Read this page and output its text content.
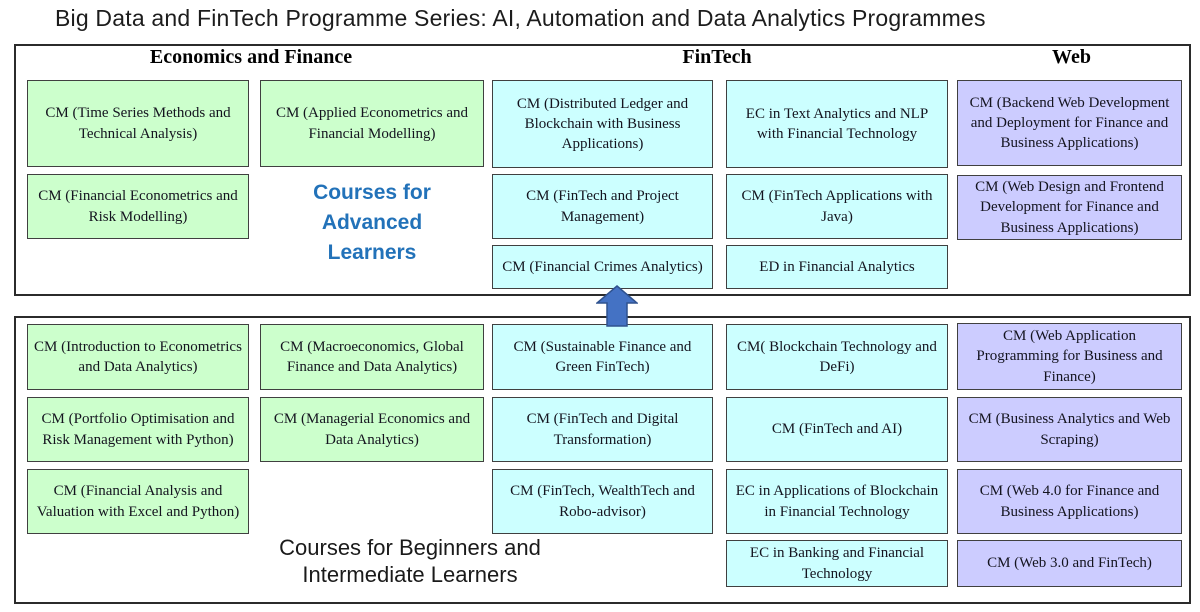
Big Data and FinTech Programme Series: AI, Automation and Data Analytics Programmes
Economics and Finance	FinTech	Web
CM (Time Series Methods and Technical Analysis)
CM (Applied Econometrics and Financial Modelling)
CM (Financial Econometrics and Risk Modelling)
Courses for
Advanced
Learners
CM (Distributed Ledger and Blockchain with Business Applications)
EC in Text Analytics and NLP with Financial Technology
CM (FinTech and Project Management)
CM (FinTech Applications with Java)
CM (Financial Crimes Analytics)	ED in Financial Analytics
CM (Backend Web Development and Deployment for Finance and Business Applications)
CM (Web Design and Frontend Development for Finance and Business Applications)
CM (Introduction to Econometrics and Data Analytics)
CM (Macroeconomics, Global Finance and Data Analytics)
CM (Portfolio Optimisation and Risk Management with Python)
CM (Managerial Economics and Data Analytics)
CM (Financial Analysis and Valuation with Excel and Python)
Courses for Beginners and
Intermediate Learners
CM (Sustainable Finance and Green FinTech)
CM( Blockchain Technology and DeFi)
CM (FinTech and Digital Transformation)
CM (FinTech and AI)
CM (FinTech, WealthTech and Robo-advisor)
EC in Applications of Blockchain in Financial Technology
EC in Banking and Financial Technology
CM (Web Application Programming for Business and Finance)
CM (Business Analytics and Web Scraping)
CM (Web 4.0 for Finance and Business Applications)
CM (Web 3.0 and FinTech)
